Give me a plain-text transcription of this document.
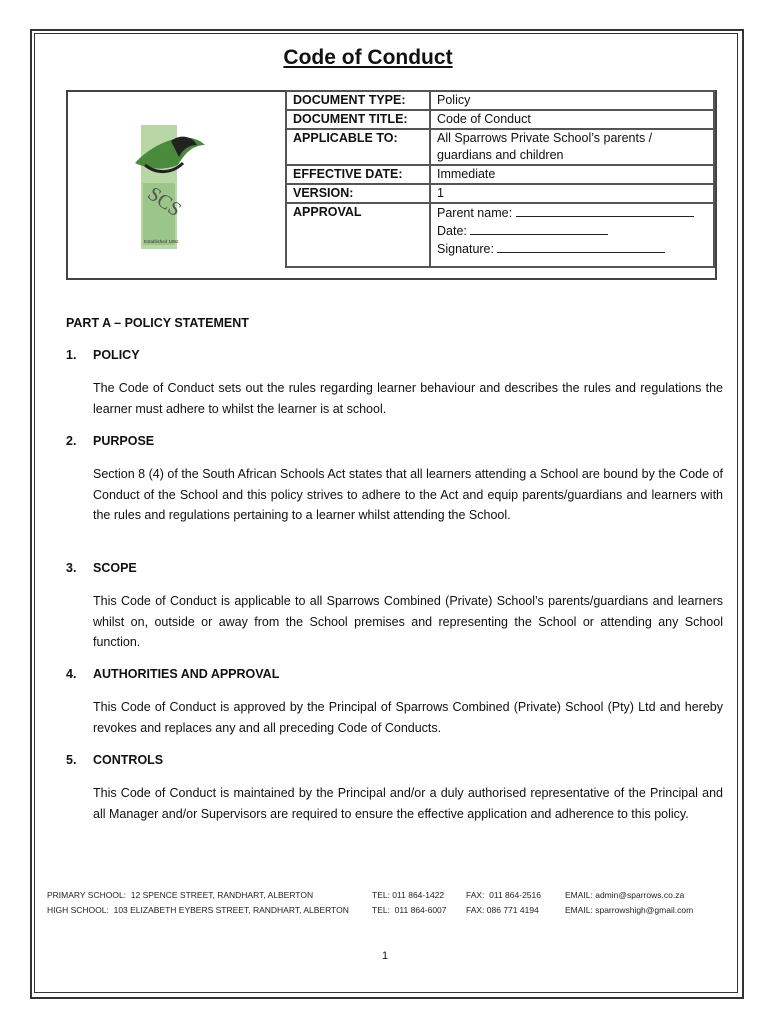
Code of Conduct
SCS
Established 1992
DOCUMENT TYPE:	Policy
DOCUMENT TITLE:	Code of Conduct
APPLICABLE TO:	All Sparrows Private School’s parents / guardians and children
EFFECTIVE DATE:	Immediate
VERSION:	1
APPROVAL	Parent name:
Date:
Signature:
PART A – POLICY STATEMENT
1. POLICY
The Code of Conduct sets out the rules regarding learner behaviour and describes the rules and regulations the learner must adhere to whilst the learner is at school.
2. PURPOSE
Section 8 (4) of the South African Schools Act states that all learners attending a School are bound by the Code of Conduct of the School and this policy strives to adhere to the Act and equip parents/guardians and learners with the rules and regulations pertaining to a learner whilst attending the School.
3. SCOPE
This Code of Conduct is applicable to all Sparrows Combined (Private) School’s parents/guardians and learners whilst on, outside or away from the School premises and representing the School or attending any School function.
4. AUTHORITIES AND APPROVAL
This Code of Conduct is approved by the Principal of Sparrows Combined (Private) School (Pty) Ltd and hereby revokes and replaces any and all preceding Code of Conducts.
5. CONTROLS
This Code of Conduct is maintained by the Principal and/or a duly authorised representative of the Principal and all Manager and/or Supervisors are required to ensure the effective application and adherence to this policy.
PRIMARY SCHOOL:  12 SPENCE STREET, RANDHART, ALBERTON
HIGH SCHOOL:  103 ELIZABETH EYBERS STREET, RANDHART, ALBERTON
TEL: 011 864-1422
TEL:  011 864-6007
FAX:  011 864-2516
FAX: 086 771 4194
EMAIL: admin@sparrows.co.za
EMAIL: sparrowshigh@gmail.com
1
